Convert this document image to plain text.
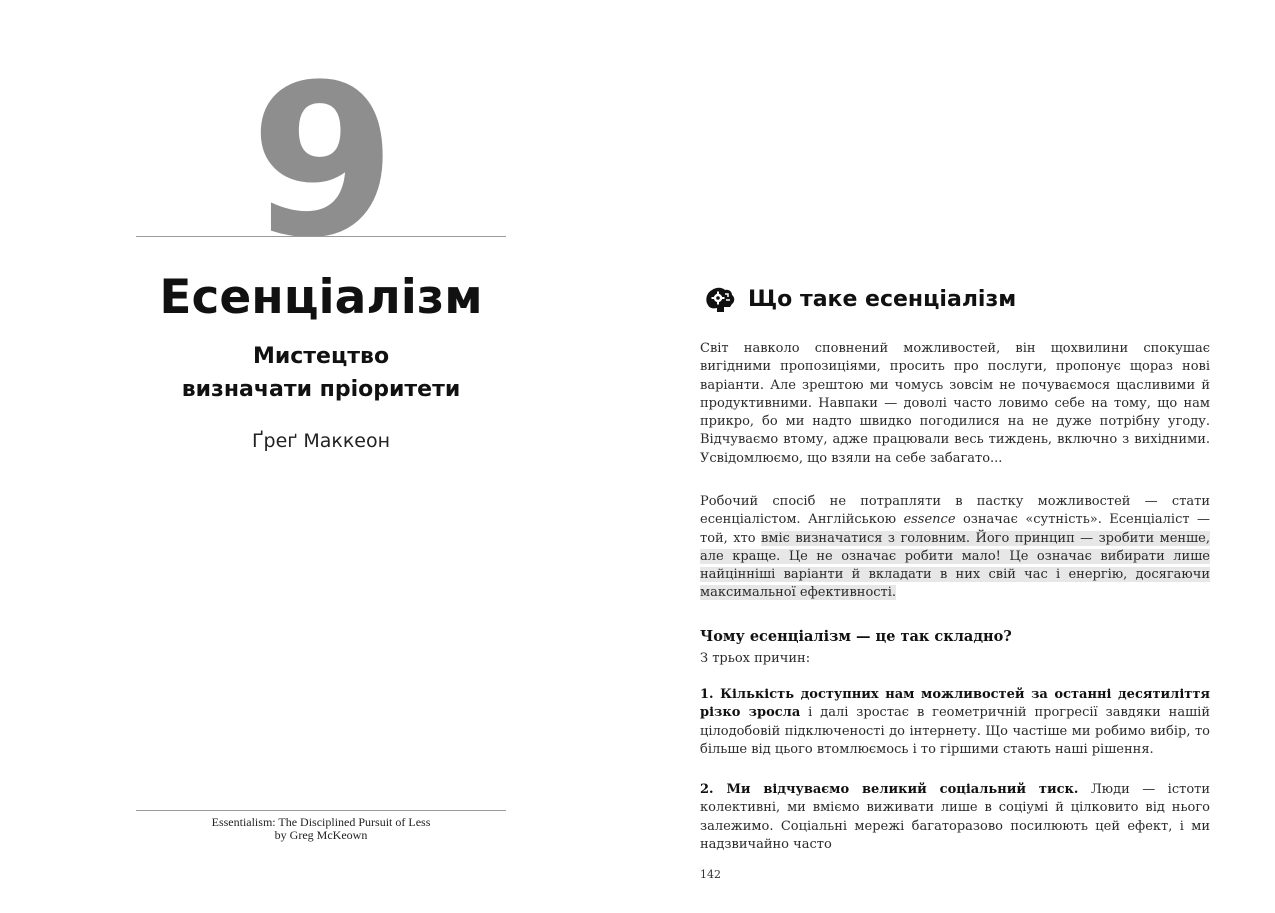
9
Есенціалізм
Мистецтво
визначати пріоритети
Ґреґ Маккеон
Essentialism: The Disciplined Pursuit of Less
by Greg McKeown
Що таке есенціалізм
Світ навколо сповнений можливостей, він щохвилини спокушає вигідними пропозиціями, просить про послуги, пропонує щораз нові варіанти. Але зрештою ми чомусь зовсім не почуваємося щасливими й продуктивними. Навпаки — доволі часто ловимо себе на тому, що нам прикро, бо ми надто швидко погодилися на не дуже потрібну угоду. Відчуваємо втому, адже працювали весь тиждень, включно з вихідними. Усвідомлюємо, що взяли на себе забагато...
Робочий спосіб не потрапляти в пастку можливостей — стати есенціалістом. Англійською essence означає «сутність». Есенціаліст — той, хто вміє визначатися з головним. Його принцип — зробити менше, але краще. Це не означає робити мало! Це означає вибирати лише найцінніші варіанти й вкладати в них свій час і енергію, досягаючи максимальної ефективності.
Чому есенціалізм — це так складно?
З трьох причин:
1. Кількість доступних нам можливостей за останні десятиліття різко зросла і далі зростає в геометричній прогресії завдяки нашій цілодобовій підключеності до інтернету. Що частіше ми робимо вибір, то більше від цього втомлюємось і то гіршими стають наші рішення.
2. Ми відчуваємо великий соціальний тиск. Люди — істоти колективні, ми вміємо виживати лише в соціумі й цілковито від нього залежимо. Соціальні мережі багаторазово посилюють цей ефект, і ми надзвичайно часто
142
